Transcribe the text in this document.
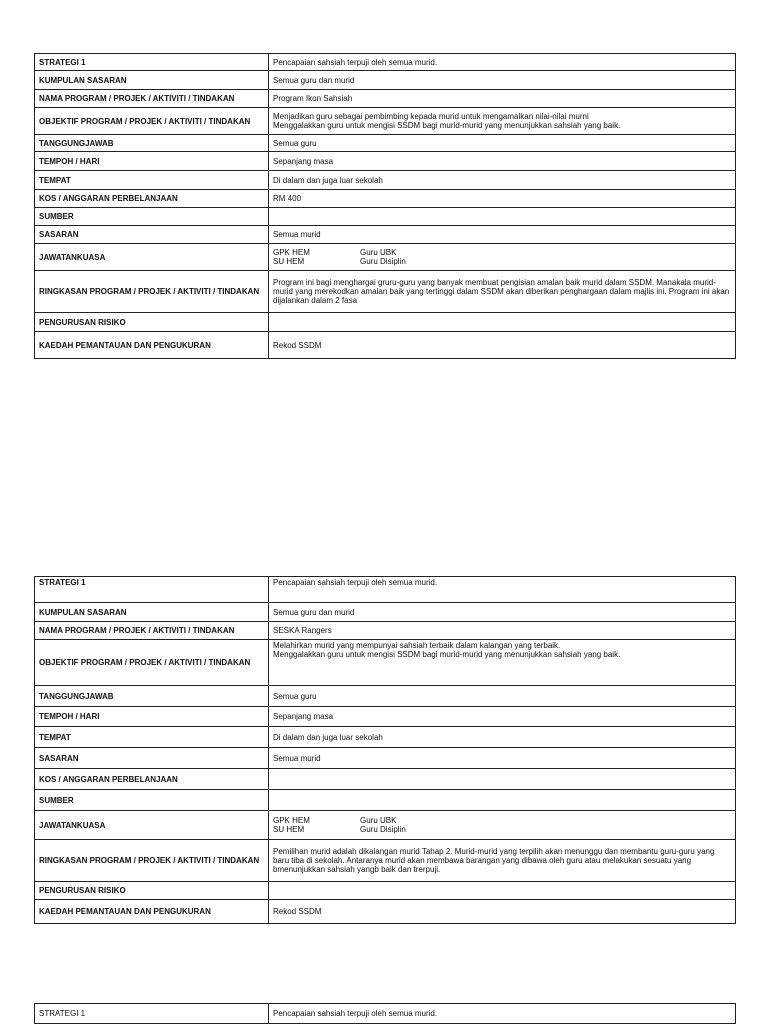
STRATEGI 1	Pencapaian sahsiah terpuji oleh semua murid.
KUMPULAN SASARAN	Semua guru dan murid
NAMA PROGRAM / PROJEK / AKTIVITI / TINDAKAN	Program Ikon Sahsiah
OBJEKTIF PROGRAM / PROJEK / AKTIVITI / TINDAKAN	Menjadikan guru sebagai pembimbing kepada murid untuk mengamalkan nilai-nilai murni
Menggalakkan guru untuk mengisi SSDM bagi murid-murid yang menunjukkan sahsiah yang baik.

TANGGUNGJAWAB	Semua guru
TEMPOH / HARI	Sepanjang masa
TEMPAT	Di dalam dan juga luar sekolah
KOS / ANGGARAN PERBELANJAAN	RM 400
SUMBER	
SASARAN	Semua murid
JAWATANKUASA	GPK HEM Guru UBK
SU HEM Guru Disiplin

RINGKASAN PROGRAM / PROJEK / AKTIVITI / TINDAKAN	Program ini bagi menghargai gruru-guru yang banyak membuat pengisian amalan baik murid dalam SSDM. Manakala murid-murid yang merekodkan amalan baik yang tertinggi dalam SSDM akan diberikan penghargaan dalam majlis ini. Program ini akan dijalankan dalam 2 fasa

PENGURUSAN RISIKO	
KAEDAH PEMANTAUAN DAN PENGUKURAN	Rekod SSDM
STRATEGI 1	Pencapaian sahsiah terpuji oleh semua murid.
KUMPULAN SASARAN	Semua guru dan murid
NAMA PROGRAM / PROJEK / AKTIVITI / TINDAKAN	SESKA Rangers
OBJEKTIF PROGRAM / PROJEK / AKTIVITI / TINDAKAN	Melahirkan murid yang mempunyai sahsiah terbaik dalam kalangan yang terbaik.
Menggalakkan guru untuk mengisi SSDM bagi murid-murid yang menunjukkan sahsiah yang baik.

TANGGUNGJAWAB	Semua guru
TEMPOH / HARI	Sepanjang masa
TEMPAT	Di dalam dan juga luar sekolah
SASARAN	Semua murid
KOS / ANGGARAN PERBELANJAAN	
SUMBER	
JAWATANKUASA	GPK HEM Guru UBK
SU HEM Guru Disiplin

RINGKASAN PROGRAM / PROJEK / AKTIVITI / TINDAKAN	Pemilihan murid adalah dikalangan murid Tahap 2. Murid-murid yang terpilih akan menunggu dan membantu guru-guru yang baru tiba di sekolah. Antaranya murid akan membawa barangan yang dibawa oleh guru atau melakukan sesuatu yang bmenunjukkan sahsiah yangb baik dan trerpuji.

PENGURUSAN RISIKO	
KAEDAH PEMANTAUAN DAN PENGUKURAN	Rekod SSDM
STRATEGI 1	Pencapaian sahsiah terpuji oleh semua murid.
